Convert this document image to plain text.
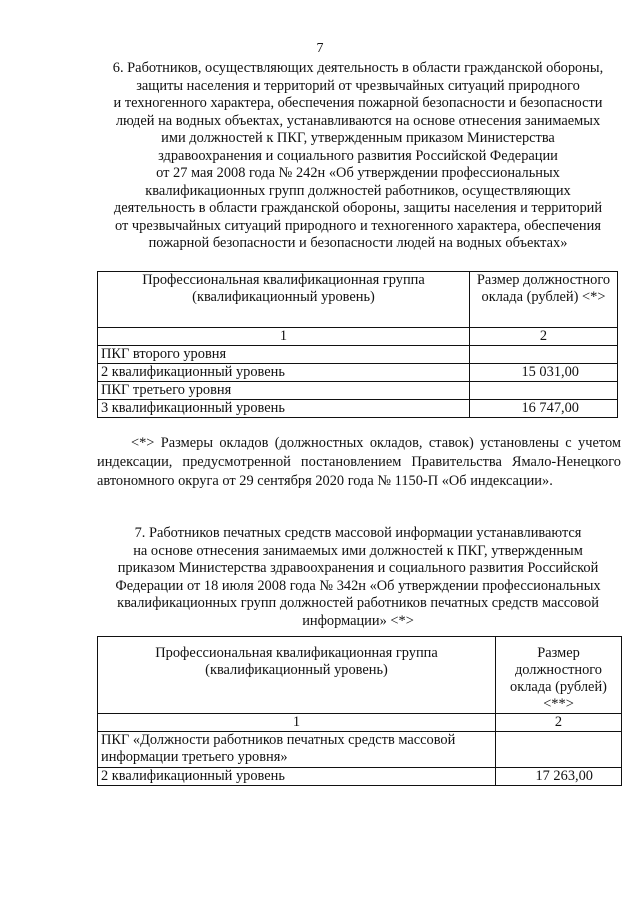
7
6. Работников, осуществляющих деятельность в области гражданской обороны,
защиты населения и территорий от чрезвычайных ситуаций природного
и техногенного характера, обеспечения пожарной безопасности и безопасности
людей на водных объектах, устанавливаются на основе отнесения занимаемых
ими должностей к ПКГ, утвержденным приказом Министерства
здравоохранения и социального развития Российской Федерации
от 27 мая 2008 года № 242н «Об утверждении профессиональных
квалификационных групп должностей работников, осуществляющих
деятельность в области гражданской обороны, защиты населения и территорий
от чрезвычайных ситуаций природного и техногенного характера, обеспечения
пожарной безопасности и безопасности людей на водных объектах»
Профессиональная квалификационная группа (квалификационный уровень)	Размер должностного оклада (рублей) <*>
1	2
ПКГ второго уровня	
2 квалификационный уровень	15 031,00
ПКГ третьего уровня	
3 квалификационный уровень	16 747,00
<*> Размеры окладов (должностных окладов, ставок) установлены с учетом индексации, предусмотренной постановлением Правительства Ямало-Ненецкого автономного округа от 29 сентября 2020 года № 1150-П «Об индексации».
7. Работников печатных средств массовой информации устанавливаются
на основе отнесения занимаемых ими должностей к ПКГ, утвержденным
приказом Министерства здравоохранения и социального развития Российской
Федерации от 18 июля 2008 года № 342н «Об утверждении профессиональных
квалификационных групп должностей работников печатных средств массовой
информации» <*>
Профессиональная квалификационная группа (квалификационный уровень)	Размер должностного оклада (рублей) <**>
1	2
ПКГ «Должности работников печатных средств массовой информации третьего уровня»	
2 квалификационный уровень	17 263,00
